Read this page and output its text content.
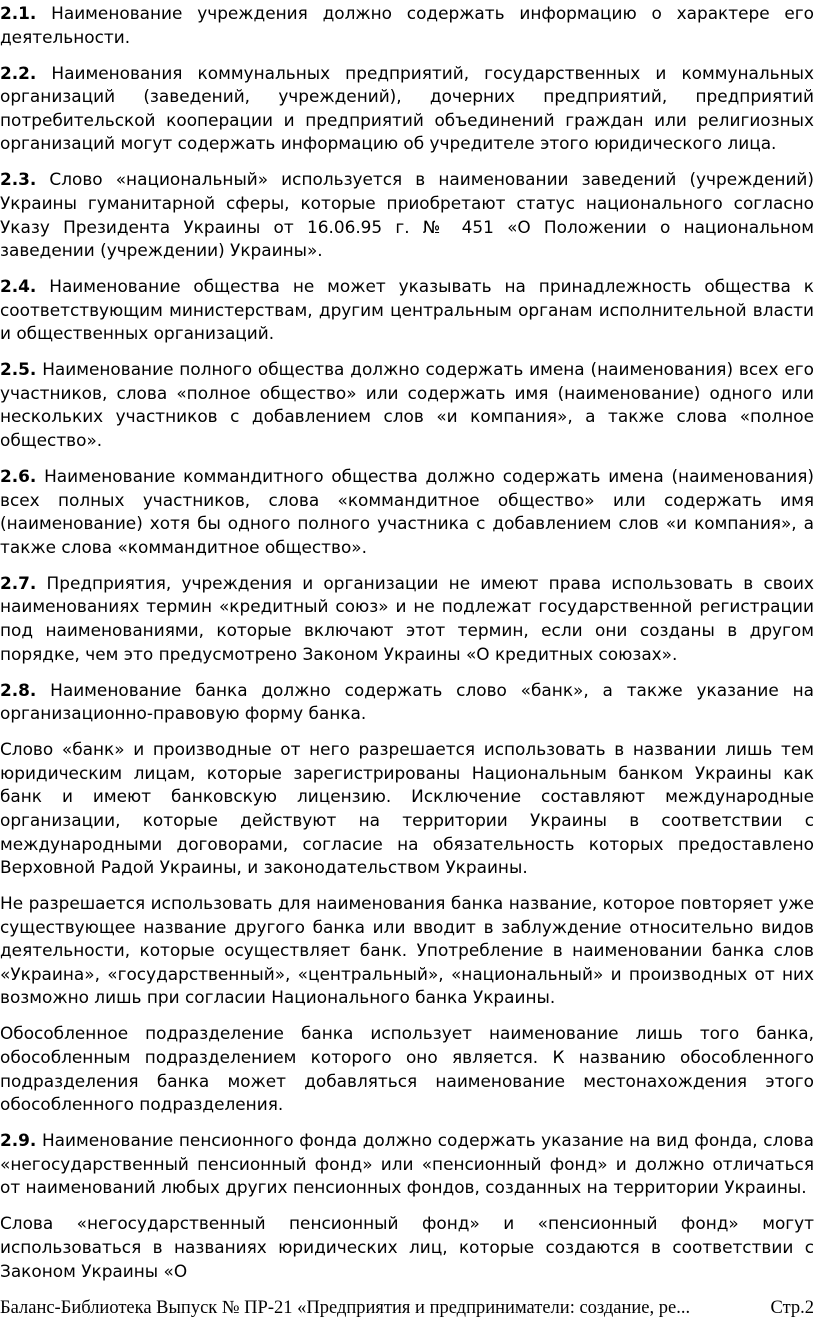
2.1. Наименование учреждения должно содержать информацию о характере его деятельности.

2.2. Наименования коммунальных предприятий, государственных и коммунальных организаций (заведений, учреждений), дочерних предприятий, предприятий потребительской кооперации и предприятий объединений граждан или религиозных организаций могут содержать информацию об учредителе этого юридического лица.

2.3. Слово «национальный» используется в наименовании заведений (учреждений) Украины гуманитарной сферы, которые приобретают статус национального согласно Указу Президента Украины от 16.06.95 г. № 451 «О Положении о национальном заведении (учреждении) Украины».

2.4. Наименование общества не может указывать на принадлежность общества к соответствующим министерствам, другим центральным органам исполнительной власти и общественных организаций.

2.5. Наименование полного общества должно содержать имена (наименования) всех его участников, слова «полное общество» или содержать имя (наименование) одного или нескольких участников с добавлением слов «и компания», а также слова «полное общество».

2.6. Наименование коммандитного общества должно содержать имена (наименования) всех полных участников, слова «коммандитное общество» или содержать имя (наименование) хотя бы одного полного участника с добавлением слов «и компания», а также слова «коммандитное общество».

2.7. Предприятия, учреждения и организации не имеют права использовать в своих наименованиях термин «кредитный союз» и не подлежат государственной регистрации под наименованиями, которые включают этот термин, если они созданы в другом порядке, чем это предусмотрено Законом Украины «О кредитных союзах».

2.8. Наименование банка должно содержать слово «банк», а также указание на организационно-правовую форму банка.

Слово «банк» и производные от него разрешается использовать в названии лишь тем юридическим лицам, которые зарегистрированы Национальным банком Украины как банк и имеют банковскую лицензию. Исключение составляют международные организации, которые действуют на территории Украины в соответствии с международными договорами, согласие на обязательность которых предоставлено Верховной Радой Украины, и законодательством Украины.

Не разрешается использовать для наименования банка название, которое повторяет уже существующее название другого банка или вводит в заблуждение относительно видов деятельности, которые осуществляет банк. Употребление в наименовании банка слов «Украина», «государственный», «центральный», «национальный» и производных от них возможно лишь при согласии Национального банка Украины.

Обособленное подразделение банка использует наименование лишь того банка, обособленным подразделением которого оно является. К названию обособленного подразделения банка может добавляться наименование местонахождения этого обособленного подразделения.

2.9. Наименование пенсионного фонда должно содержать указание на вид фонда, слова «негосударственный пенсионный фонд» или «пенсионный фонд» и должно отличаться от наименований любых других пенсионных фондов, созданных на территории Украины.

Слова «негосударственный пенсионный фонд» и «пенсионный фонд» могут использоваться в названиях юридических лиц, которые создаются в соответствии с Законом Украины «О

Баланс-Библиотека Выпуск № ПР-21 «Предприятия и предприниматели: создание, ре...	Стр.2
